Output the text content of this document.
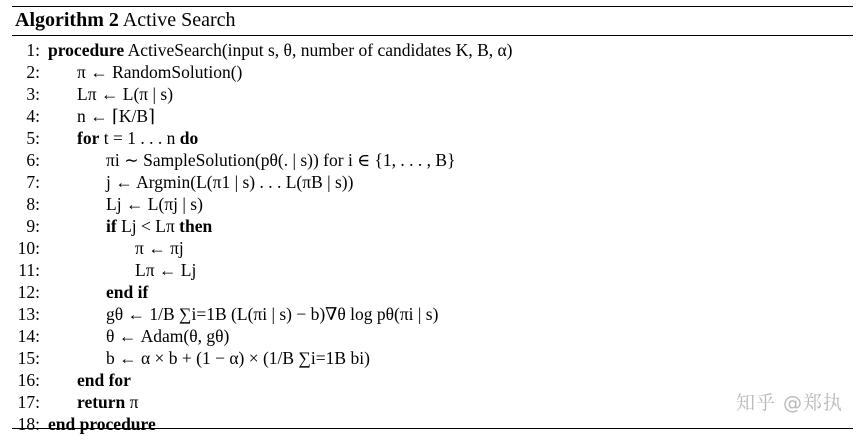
Algorithm 2 Active Search
1: procedure ActiveSearch(input s, θ, number of candidates K, B, α)
2: π ← RandomSolution()
3: Lπ ← L(π | s)
4: n ← ⌈K/B⌉
5: for t = 1 . . . n do
6:	πi ∼ SampleSolution(pθ(. | s)) for i ∈ {1, . . . , B}
7:	j ← Argmin(L(π1 | s) . . . L(πB | s))
8:	Lj ← L(πj | s)
9:	if Lj < Lπ then
10:	π ← πj
11:	Lπ ← Lj
12:	end if
13:	gθ ← 1/B ∑i=1B (L(πi | s) − b)∇θ log pθ(πi | s)
14:	θ ← Adam(θ, gθ)
15:	b ← α × b + (1 − α) × (1/B ∑i=1B bi)
16: end for
17: return π
18: end procedure
知乎 @郑执
